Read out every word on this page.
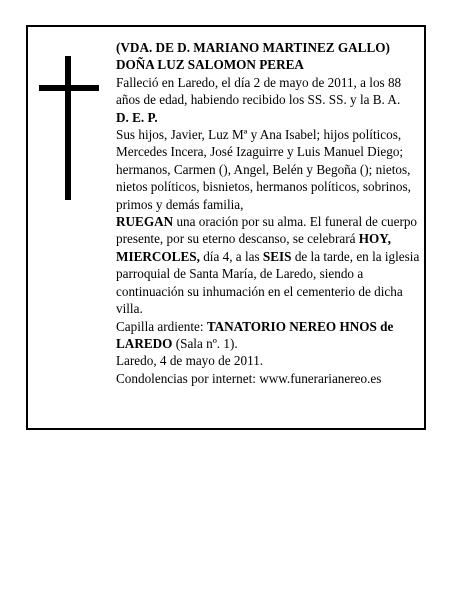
(VDA. DE D. MARIANO MARTINEZ GALLO)

DOÑA LUZ SALOMON PEREA

Falleció en Laredo, el día 2 de mayo de 2011, a los 88 años de edad, habiendo recibido los SS. SS. y la B. A.

D. E. P.

Sus hijos, Javier, Luz Mª y Ana Isabel; hijos políticos, Mercedes Incera, José Izaguirre y Luis Manuel Diego; hermanos, Carmen (), Angel, Belén y Begoña (); nietos, nietos políticos, bisnietos, hermanos políticos, sobrinos, primos y demás familia,

RUEGAN una oración por su alma. El funeral de cuerpo presente, por su eterno descanso, se celebrará HOY, MIERCOLES, día 4, a las SEIS de la tarde, en la iglesia parroquial de Santa María, de Laredo, siendo a continuación su inhumación en el cementerio de dicha villa.

Capilla ardiente: TANATORIO NEREO HNOS de LAREDO (Sala nº. 1).

Laredo, 4 de mayo de 2011.

Condolencias por internet: www.funerarianereo.es
